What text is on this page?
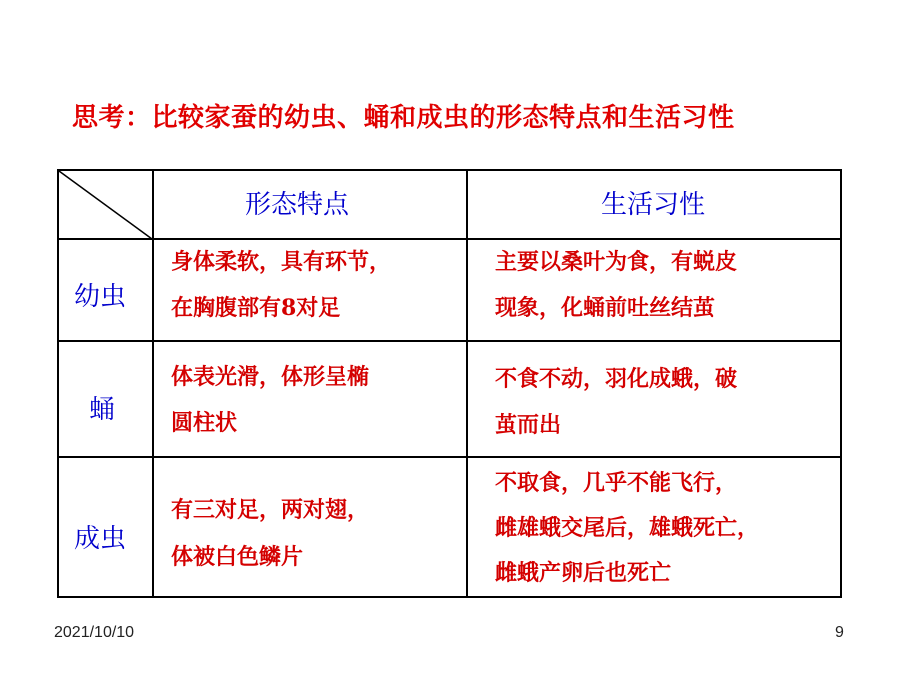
思考：比较家蚕的幼虫、蛹和成虫的形态特点和生活习性
形态特点	生活习性
幼虫
身体柔软，具有环节，
在胸腹部有8对足
主要以桑叶为食，有蜕皮
现象，化蛹前吐丝结茧
蛹
体表光滑，体形呈椭
圆柱状
不食不动，羽化成蛾，破
茧而出
成虫
有三对足，两对翅，
体被白色鳞片
不取食，几乎不能飞行，
雌雄蛾交尾后，雄蛾死亡，
雌蛾产卵后也死亡
2021/10/10	9
